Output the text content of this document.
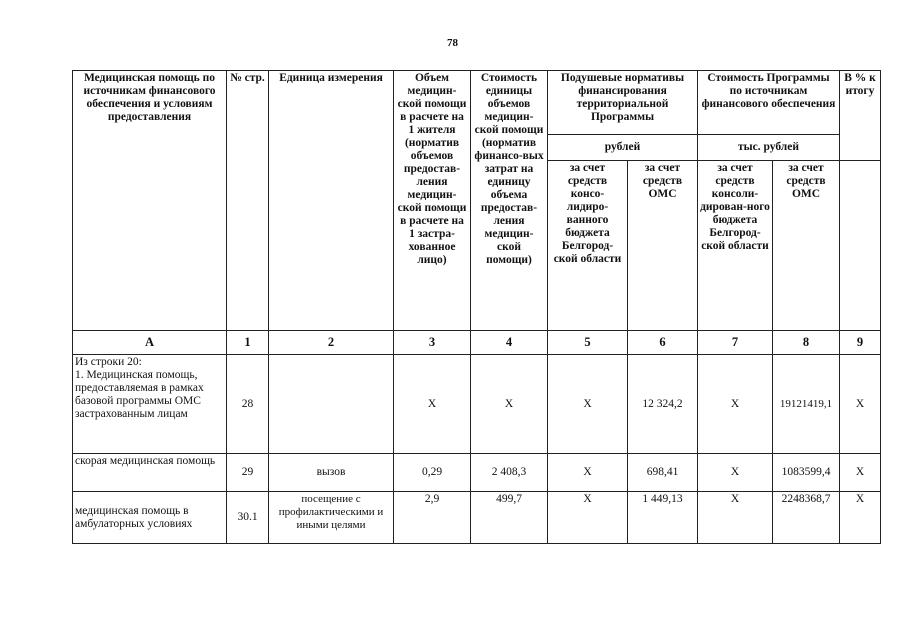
78
Медицинская помощь по источникам финансового обеспечения и условиям предоставления	№ стр.	Единица измерения	Объем медицин-ской помощи в расчете на 1 жителя (норматив объемов предостав-ления медицин-ской помощи в расчете на 1 застра-хованное лицо)	Стоимость единицы объемов медицин-ской помощи (норматив финансо-вых затрат на единицу объема предостав-ления медицин-ской помощи)	Подушевые нормативы финансирования территориальной Программы		Стоимость Программы по источникам финансового обеспечения		В % к итогу
					рублей		тыс. рублей		
					за счет средств консо-лидиро-ванного бюджета Белгород-ской области	за счет средств ОМС	за счет средств консоли-дирован-ного бюджета Белгород-ской области	за счет средств ОМС	
А	1	2	3	4	5	6	7	8	9
Из строки 20:
1. Медицинская помощь, предоставляемая в рамках базовой программы ОМС застрахованным лицам	28		Х	Х	Х	12 324,2	Х	19121419,1	Х
скорая медицинская помощь	29	вызов	0,29	2 408,3	Х	698,41	Х	1083599,4	Х
медицинская помощь в амбулаторных условиях	30.1	посещение с профилактическими и иными целями	2,9	499,7	Х	1 449,13	Х	2248368,7	Х
